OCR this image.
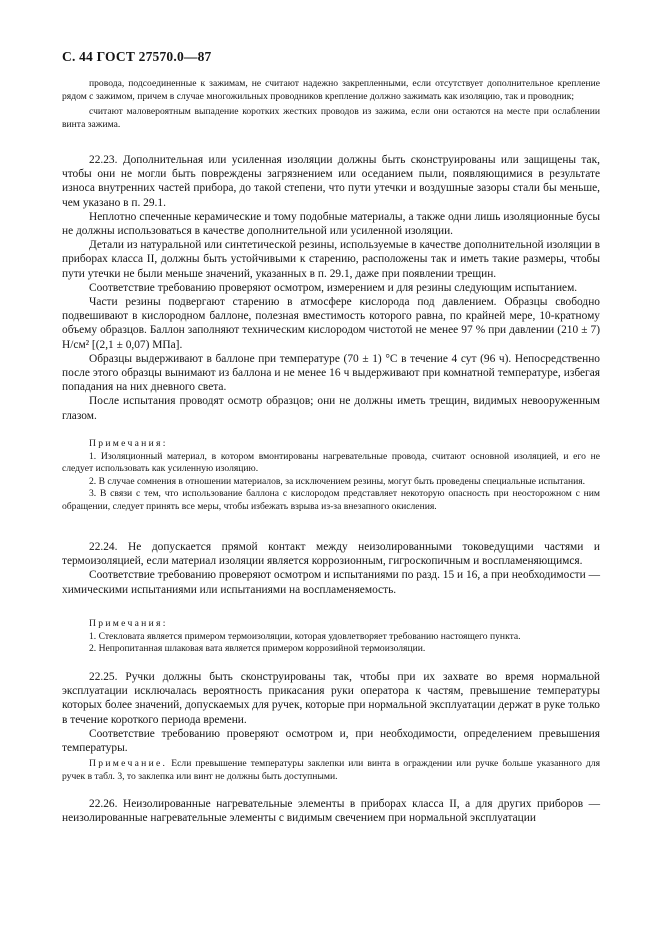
С. 44 ГОСТ 27570.0—87

провода, подсоединенные к зажимам, не считают надежно закрепленными, если отсутствует дополнительное крепление рядом с зажимом, причем в случае многожильных проводников крепление должно зажимать как изоляцию, так и проводник;

считают маловероятным выпадение коротких жестких проводов из зажима, если они остаются на месте при ослаблении винта зажима.

22.23. Дополнительная или усиленная изоляции должны быть сконструированы или защищены так, чтобы они не могли быть повреждены загрязнением или оседанием пыли, появляющимися в результате износа внутренних частей прибора, до такой степени, что пути утечки и воздушные зазоры стали бы меньше, чем указано в п. 29.1.

Неплотно спеченные керамические и тому подобные материалы, а также одни лишь изоляционные бусы не должны использоваться в качестве дополнительной или усиленной изоляции.

Детали из натуральной или синтетической резины, используемые в качестве дополнительной изоляции в приборах класса II, должны быть устойчивыми к старению, расположены так и иметь такие размеры, чтобы пути утечки не были меньше значений, указанных в п. 29.1, даже при появлении трещин.

Соответствие требованию проверяют осмотром, измерением и для резины следующим испытанием.

Части резины подвергают старению в атмосфере кислорода под давлением. Образцы свободно подвешивают в кислородном баллоне, полезная вместимость которого равна, по крайней мере, 10-кратному объему образцов. Баллон заполняют техническим кислородом чистотой не менее 97 % при давлении (210 ± 7) Н/см² [(2,1 ± 0,07) МПа].

Образцы выдерживают в баллоне при температуре (70 ± 1) °С в течение 4 сут (96 ч). Непосредственно после этого образцы вынимают из баллона и не менее 16 ч выдерживают при комнатной температуре, избегая попадания на них дневного света.

После испытания проводят осмотр образцов; они не должны иметь трещин, видимых невооруженным глазом.

Примечания:

1. Изоляционный материал, в котором вмонтированы нагревательные провода, считают основной изоляцией, и его не следует использовать как усиленную изоляцию.

2. В случае сомнения в отношении материалов, за исключением резины, могут быть проведены специальные испытания.

3. В связи с тем, что использование баллона с кислородом представляет некоторую опасность при неосторожном с ним обращении, следует принять все меры, чтобы избежать взрыва из-за внезапного окисления.

22.24. Не допускается прямой контакт между неизолированными токоведущими частями и термоизоляцией, если материал изоляции является коррозионным, гигроскопичным и воспламеняющимся.

Соответствие требованию проверяют осмотром и испытаниями по разд. 15 и 16, а при необходимости — химическими испытаниями или испытаниями на воспламеняемость.

Примечания:

1. Стекловата является примером термоизоляции, которая удовлетворяет требованию настоящего пункта.

2. Непропитанная шлаковая вата является примером коррозийной термоизоляции.

22.25. Ручки должны быть сконструированы так, чтобы при их захвате во время нормальной эксплуатации исключалась вероятность прикасания руки оператора к частям, превышение температуры которых более значений, допускаемых для ручек, которые при нормальной эксплуатации держат в руке только в течение короткого периода времени.

Соответствие требованию проверяют осмотром и, при необходимости, определением превышения температуры.

Примечание. Если превышение температуры заклепки или винта в ограждении или ручке больше указанного для ручек в табл. 3, то заклепка или винт не должны быть доступными.

22.26. Неизолированные нагревательные элементы в приборах класса II, а для других приборов — неизолированные нагревательные элементы с видимым свечением при нормальной эксплуатации
